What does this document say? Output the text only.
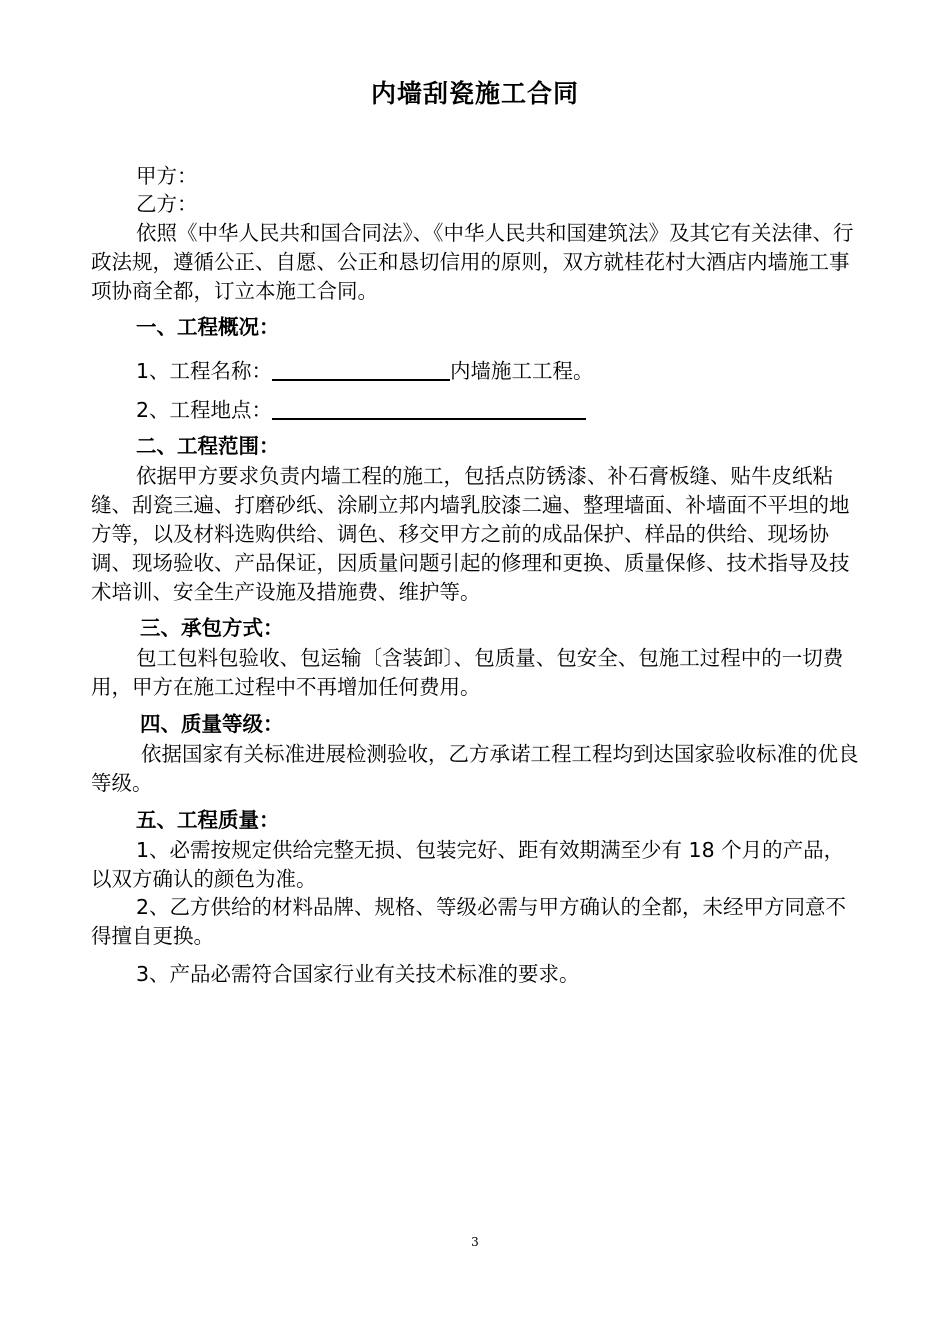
内墙刮瓷施工合同
甲方：
乙方：
依照《中华人民共和国合同法》、《中华人民共和国建筑法》及其它有关法律、行政法规，遵循公正、自愿、公正和恳切信用的原则，双方就桂花村大酒店内墙施工事项协商全都，订立本施工合同。
一、工程概况：
1、工程名称：	内墙施工工程。
2、工程地点：
二、工程范围：
依据甲方要求负责内墙工程的施工，包括点防锈漆、补石膏板缝、贴牛皮纸粘缝、刮瓷三遍、打磨砂纸、涂刷立邦内墙乳胶漆二遍、整理墙面、补墙面不平坦的地方等，以及材料选购供给、调色、移交甲方之前的成品保护、样品的供给、现场协调、现场验收、产品保证，因质量问题引起的修理和更换、质量保修、技术指导及技术培训、安全生产设施及措施费、维护等。
三、承包方式：
包工包料包验收、包运输〔含装卸〕、包质量、包安全、包施工过程中的一切费用，甲方在施工过程中不再增加任何费用。
四、质量等级：
依据国家有关标准进展检测验收，乙方承诺工程工程均到达国家验收标准的优良等级。
五、工程质量：
1、必需按规定供给完整无损、包装完好、距有效期满至少有 18 个月的产品，以双方确认的颜色为准。
2、乙方供给的材料品牌、规格、等级必需与甲方确认的全都，未经甲方同意不得擅自更换。
3、产品必需符合国家行业有关技术标准的要求。
3
